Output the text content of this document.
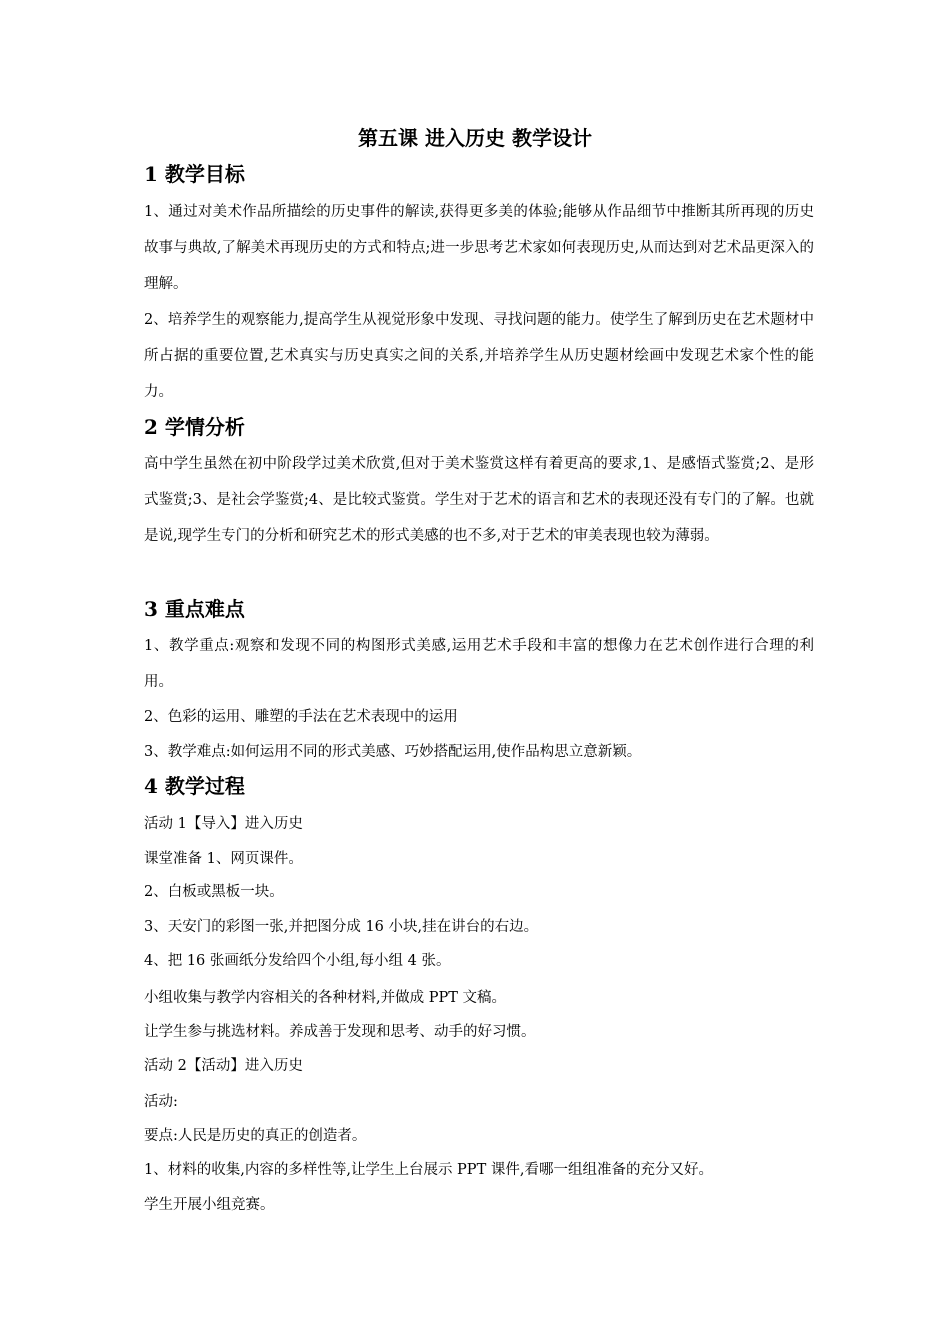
第五课 进入历史 教学设计
1 教学目标
1、通过对美术作品所描绘的历史事件的解读,获得更多美的体验;能够从作品细节中推断其所再现的历史故事与典故,了解美术再现历史的方式和特点;进一步思考艺术家如何表现历史,从而达到对艺术品更深入的理解。
2、培养学生的观察能力,提高学生从视觉形象中发现、寻找问题的能力。使学生了解到历史在艺术题材中所占据的重要位置,艺术真实与历史真实之间的关系,并培养学生从历史题材绘画中发现艺术家个性的能力。
2 学情分析
高中学生虽然在初中阶段学过美术欣赏,但对于美术鉴赏这样有着更高的要求,1、是感悟式鉴赏;2、是形式鉴赏;3、是社会学鉴赏;4、是比较式鉴赏。学生对于艺术的语言和艺术的表现还没有专门的了解。也就是说,现学生专门的分析和研究艺术的形式美感的也不多,对于艺术的审美表现也较为薄弱。
3 重点难点
1、教学重点:观察和发现不同的构图形式美感,运用艺术手段和丰富的想像力在艺术创作进行合理的利用。
2、色彩的运用、雕塑的手法在艺术表现中的运用
3、教学难点:如何运用不同的形式美感、巧妙搭配运用,使作品构思立意新颖。
4 教学过程
活动 1【导入】进入历史
课堂准备 1、网页课件。
2、白板或黑板一块。
3、天安门的彩图一张,并把图分成 16 小块,挂在讲台的右边。
4、把 16 张画纸分发给四个小组,每小组 4 张。
小组收集与教学内容相关的各种材料,并做成 PPT 文稿。
让学生参与挑选材料。养成善于发现和思考、动手的好习惯。
活动 2【活动】进入历史
活动:
要点:人民是历史的真正的创造者。
1、材料的收集,内容的多样性等,让学生上台展示 PPT 课件,看哪一组组准备的充分又好。
学生开展小组竞赛。
